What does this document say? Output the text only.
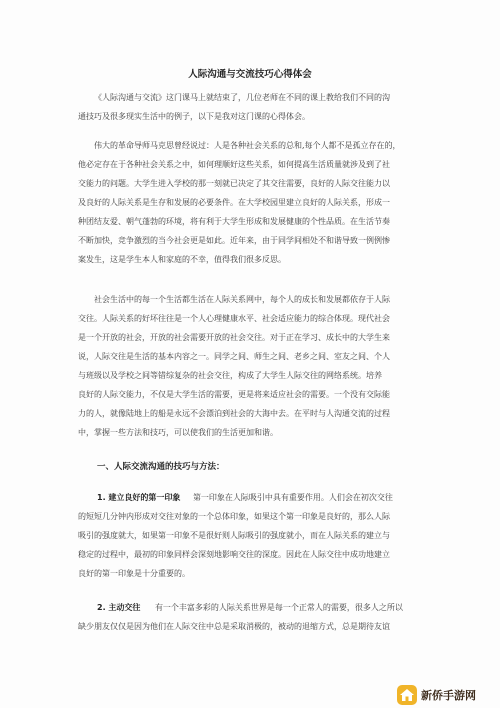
人际沟通与交流技巧心得体会
《人际沟通与交流》这门课马上就结束了，几位老师在不同的课上教给我们不同的沟
通技巧及很多现实生活中的例子，以下是我对这门课的心得体会。
伟大的革命导师马克思曾经说过：人是各种社会关系的总和,每个人都不是孤立存在的，
他必定存在于各种社会关系之中，如何理顺好这些关系，如何提高生活质量就涉及到了社
交能力的问题。大学生进入学校的那一刻就已决定了其交往需要，良好的人际交往能力以
及良好的人际关系是生存和发展的必要条件。在大学校园里建立良好的人际关系，形成一
种团结友爱、朝气蓬勃的环境，将有利于大学生形成和发展健康的个性品质。在生活节奏
不断加快，竞争激烈的当今社会更是如此。近年来，由于同学间相处不和谐导致一例例惨
案发生，这是学生本人和家庭的不幸，值得我们很多反思。
社会生活中的每一个生活都生活在人际关系网中，每个人的成长和发展都依存于人际
交往。人际关系的好坏往往是一个人心理健康水平、社会适应能力的综合体现。现代社会
是一个开放的社会，开放的社会需要开放的社会交往。对于正在学习、成长中的大学生来
说，人际交往是生活的基本内容之一。同学之间、师生之间、老乡之间、室友之间、个人
与班级以及学校之间等错综复杂的社会交往，构成了大学生人际交往的网络系统。培养
良好的人际交能力，不仅是大学生活的需要，更是将来适应社会的需要。一个没有交际能
力的人，就像陆地上的船是永远不会漂泊到社会的大海中去。在平时与人沟通交流的过程
中，掌握一些方法和技巧，可以使我们的生活更加和谐。
一、人际交流沟通的技巧与方法：
1. 建立良好的第一印象 第一印象在人际吸引中具有重要作用。人们会在初次交往
的短短几分钟内形成对交往对象的一个总体印象，如果这个第一印象是良好的，那么人际
吸引的强度就大，如果第一印象不是很好则人际吸引的强度就小，而在人际关系的建立与
稳定的过程中，最初的印象同样会深刻地影响交往的深度。因此在人际交往中成功地建立
良好的第一印象是十分重要的。
2. 主动交往 有一个丰富多彩的人际关系世界是每一个正常人的需要，很多人之所以
缺少朋友仅仅是因为他们在人际交往中总是采取消极的，被动的退缩方式，总是期待友谊
新侨手游网
